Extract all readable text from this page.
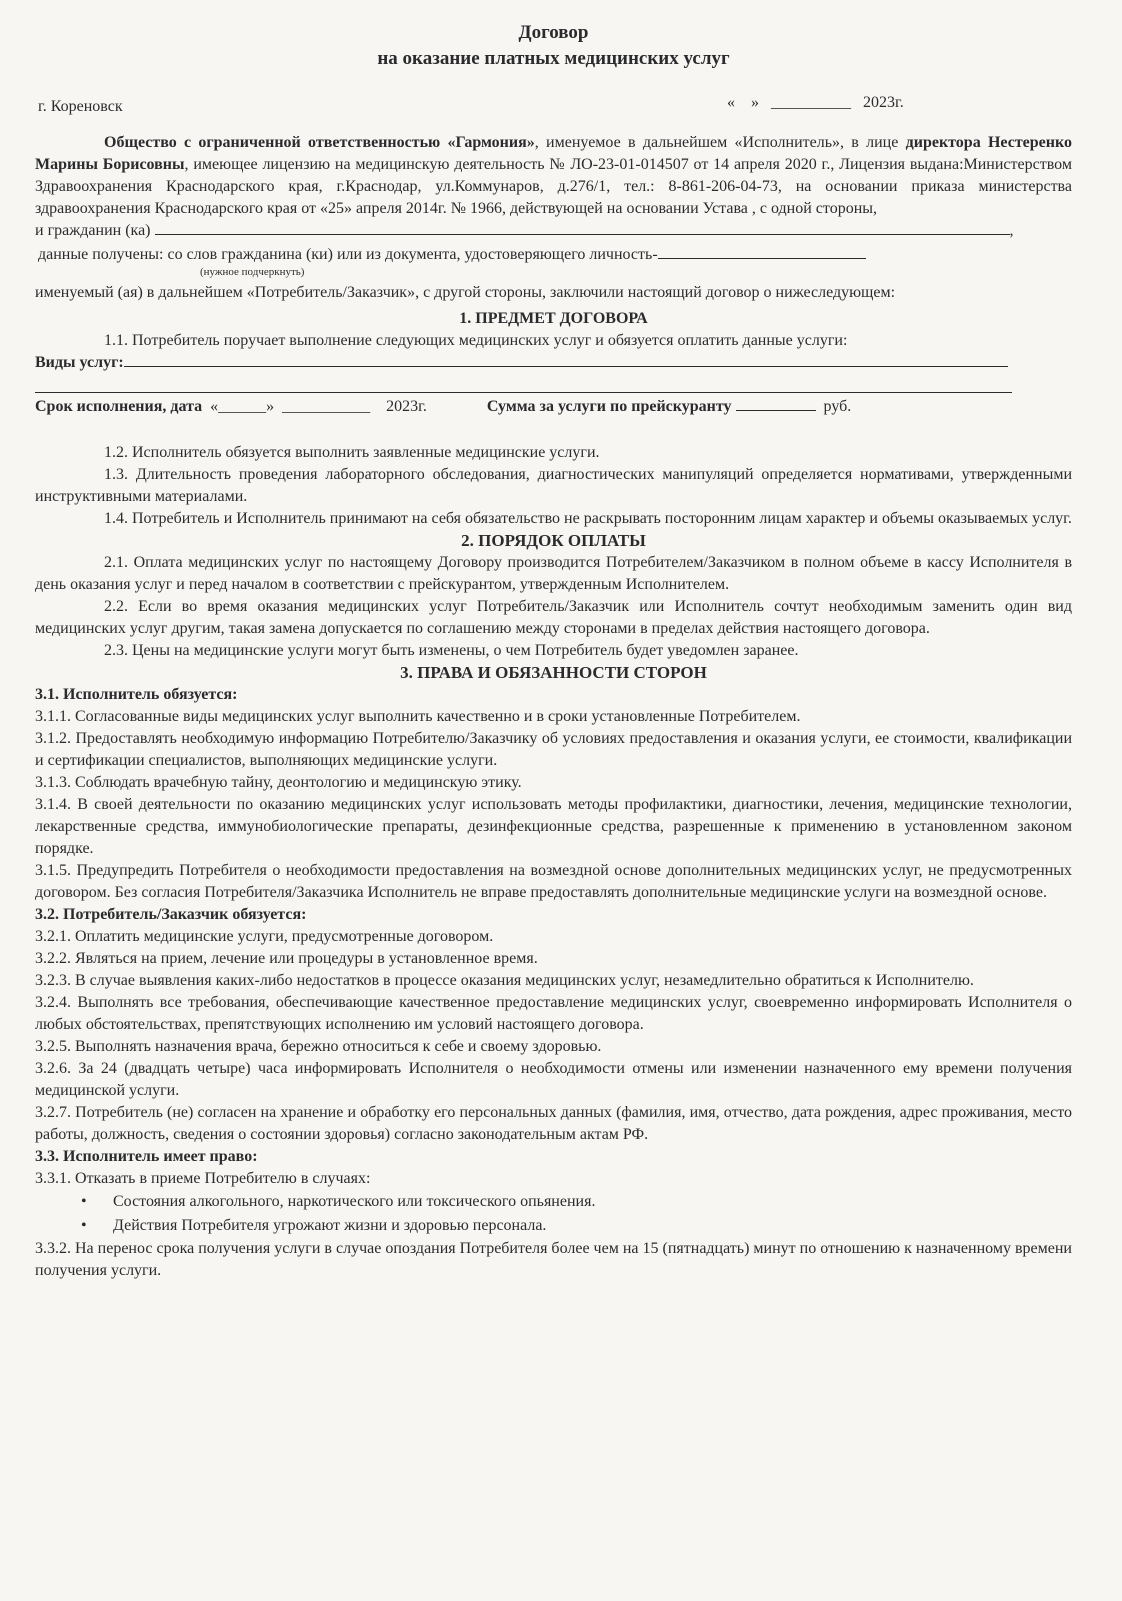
Договор
на оказание платных медицинских услуг
г. Кореновск	«    »   __________   2023г.

Общество с ограниченной ответственностью «Гармония», именуемое в дальнейшем «Исполнитель», в лице директора Нестеренко Марины Борисовны, имеющее лицензию на медицинскую деятельность № ЛО-23-01-014507 от 14 апреля 2020 г., Лицензия выдана:Министерством Здравоохранения Краснодарского края, г.Краснодар, ул.Коммунаров, д.276/1, тел.: 8-861-206-04-73, на основании приказа министерства здравоохранения Краснодарского края от «25» апреля 2014г. № 1966, действующей на основании Устава , с одной стороны,

и гражданин (ка)	,
данные получены: со слов гражданина (ки) или из документа, удостоверяющего личность-
(нужное подчеркнуть)

именуемый (ая) в дальнейшем «Потребитель/Заказчик», с другой стороны, заключили настоящий договор о нижеследующем:

1. ПРЕДМЕТ ДОГОВОРА

1.1. Потребитель поручает выполнение следующих медицинских услуг и обязуется оплатить данные услуги:

Виды услуг:
Срок исполнения, дата «______»  ___________    2023г.	Сумма за услуги по прейскуранту	руб.

1.2. Исполнитель обязуется выполнить заявленные медицинские услуги.

1.3. Длительность проведения лабораторного обследования, диагностических манипуляций определяется нормативами, утвержденными инструктивными материалами.

1.4. Потребитель и Исполнитель принимают на себя обязательство не раскрывать посторонним лицам характер и объемы оказываемых услуг.

2. ПОРЯДОК ОПЛАТЫ

2.1. Оплата медицинских услуг по настоящему Договору производится Потребителем/Заказчиком в полном объеме в кассу Исполнителя в день оказания услуг и перед началом в соответствии с прейскурантом, утвержденным Исполнителем.

2.2. Если во время оказания медицинских услуг Потребитель/Заказчик или Исполнитель сочтут необходимым заменить один вид медицинских услуг другим, такая замена допускается по соглашению между сторонами в пределах действия настоящего договора.

2.3. Цены на медицинские услуги могут быть изменены, о чем Потребитель будет уведомлен заранее.

3. ПРАВА И ОБЯЗАННОСТИ СТОРОН

3.1. Исполнитель обязуется:

3.1.1. Согласованные виды медицинских услуг выполнить качественно и в сроки установленные Потребителем.

3.1.2. Предоставлять необходимую информацию Потребителю/Заказчику об условиях предоставления и оказания услуги, ее стоимости, квалификации и сертификации специалистов, выполняющих медицинские услуги.

3.1.3. Соблюдать врачебную тайну, деонтологию и медицинскую этику.

3.1.4. В своей деятельности по оказанию медицинских услуг использовать методы профилактики, диагностики, лечения, медицинские технологии, лекарственные средства, иммунобиологические препараты, дезинфекционные средства, разрешенные к применению в установленном законом порядке.

3.1.5. Предупредить Потребителя о необходимости предоставления на возмездной основе дополнительных медицинских услуг, не предусмотренных договором. Без согласия Потребителя/Заказчика Исполнитель не вправе предоставлять дополнительные медицинские услуги на возмездной основе.

3.2. Потребитель/Заказчик обязуется:

3.2.1. Оплатить медицинские услуги, предусмотренные договором.

3.2.2. Являться на прием, лечение или процедуры в установленное время.

3.2.3. В случае выявления каких-либо недостатков в процессе оказания медицинских услуг, незамедлительно обратиться к Исполнителю.

3.2.4. Выполнять все требования, обеспечивающие качественное предоставление медицинских услуг, своевременно информировать Исполнителя о любых обстоятельствах, препятствующих исполнению им условий настоящего договора.

3.2.5. Выполнять назначения врача, бережно относиться к себе и своему здоровью.

3.2.6. За 24 (двадцать четыре) часа информировать Исполнителя о необходимости отмены или изменении назначенного ему времени получения медицинской услуги.

3.2.7. Потребитель (не) согласен на хранение и обработку его персональных данных (фамилия, имя, отчество, дата рождения, адрес проживания, место работы, должность, сведения о состоянии здоровья) согласно законодательным актам РФ.

3.3. Исполнитель имеет право:

3.3.1. Отказать в приеме Потребителю в случаях:

• Состояния алкогольного, наркотического или токсического опьянения.
• Действия Потребителя угрожают жизни и здоровью персонала.

3.3.2. На перенос срока получения услуги в случае опоздания Потребителя более чем на 15 (пятнадцать) минут по отношению к назначенному времени получения услуги.
